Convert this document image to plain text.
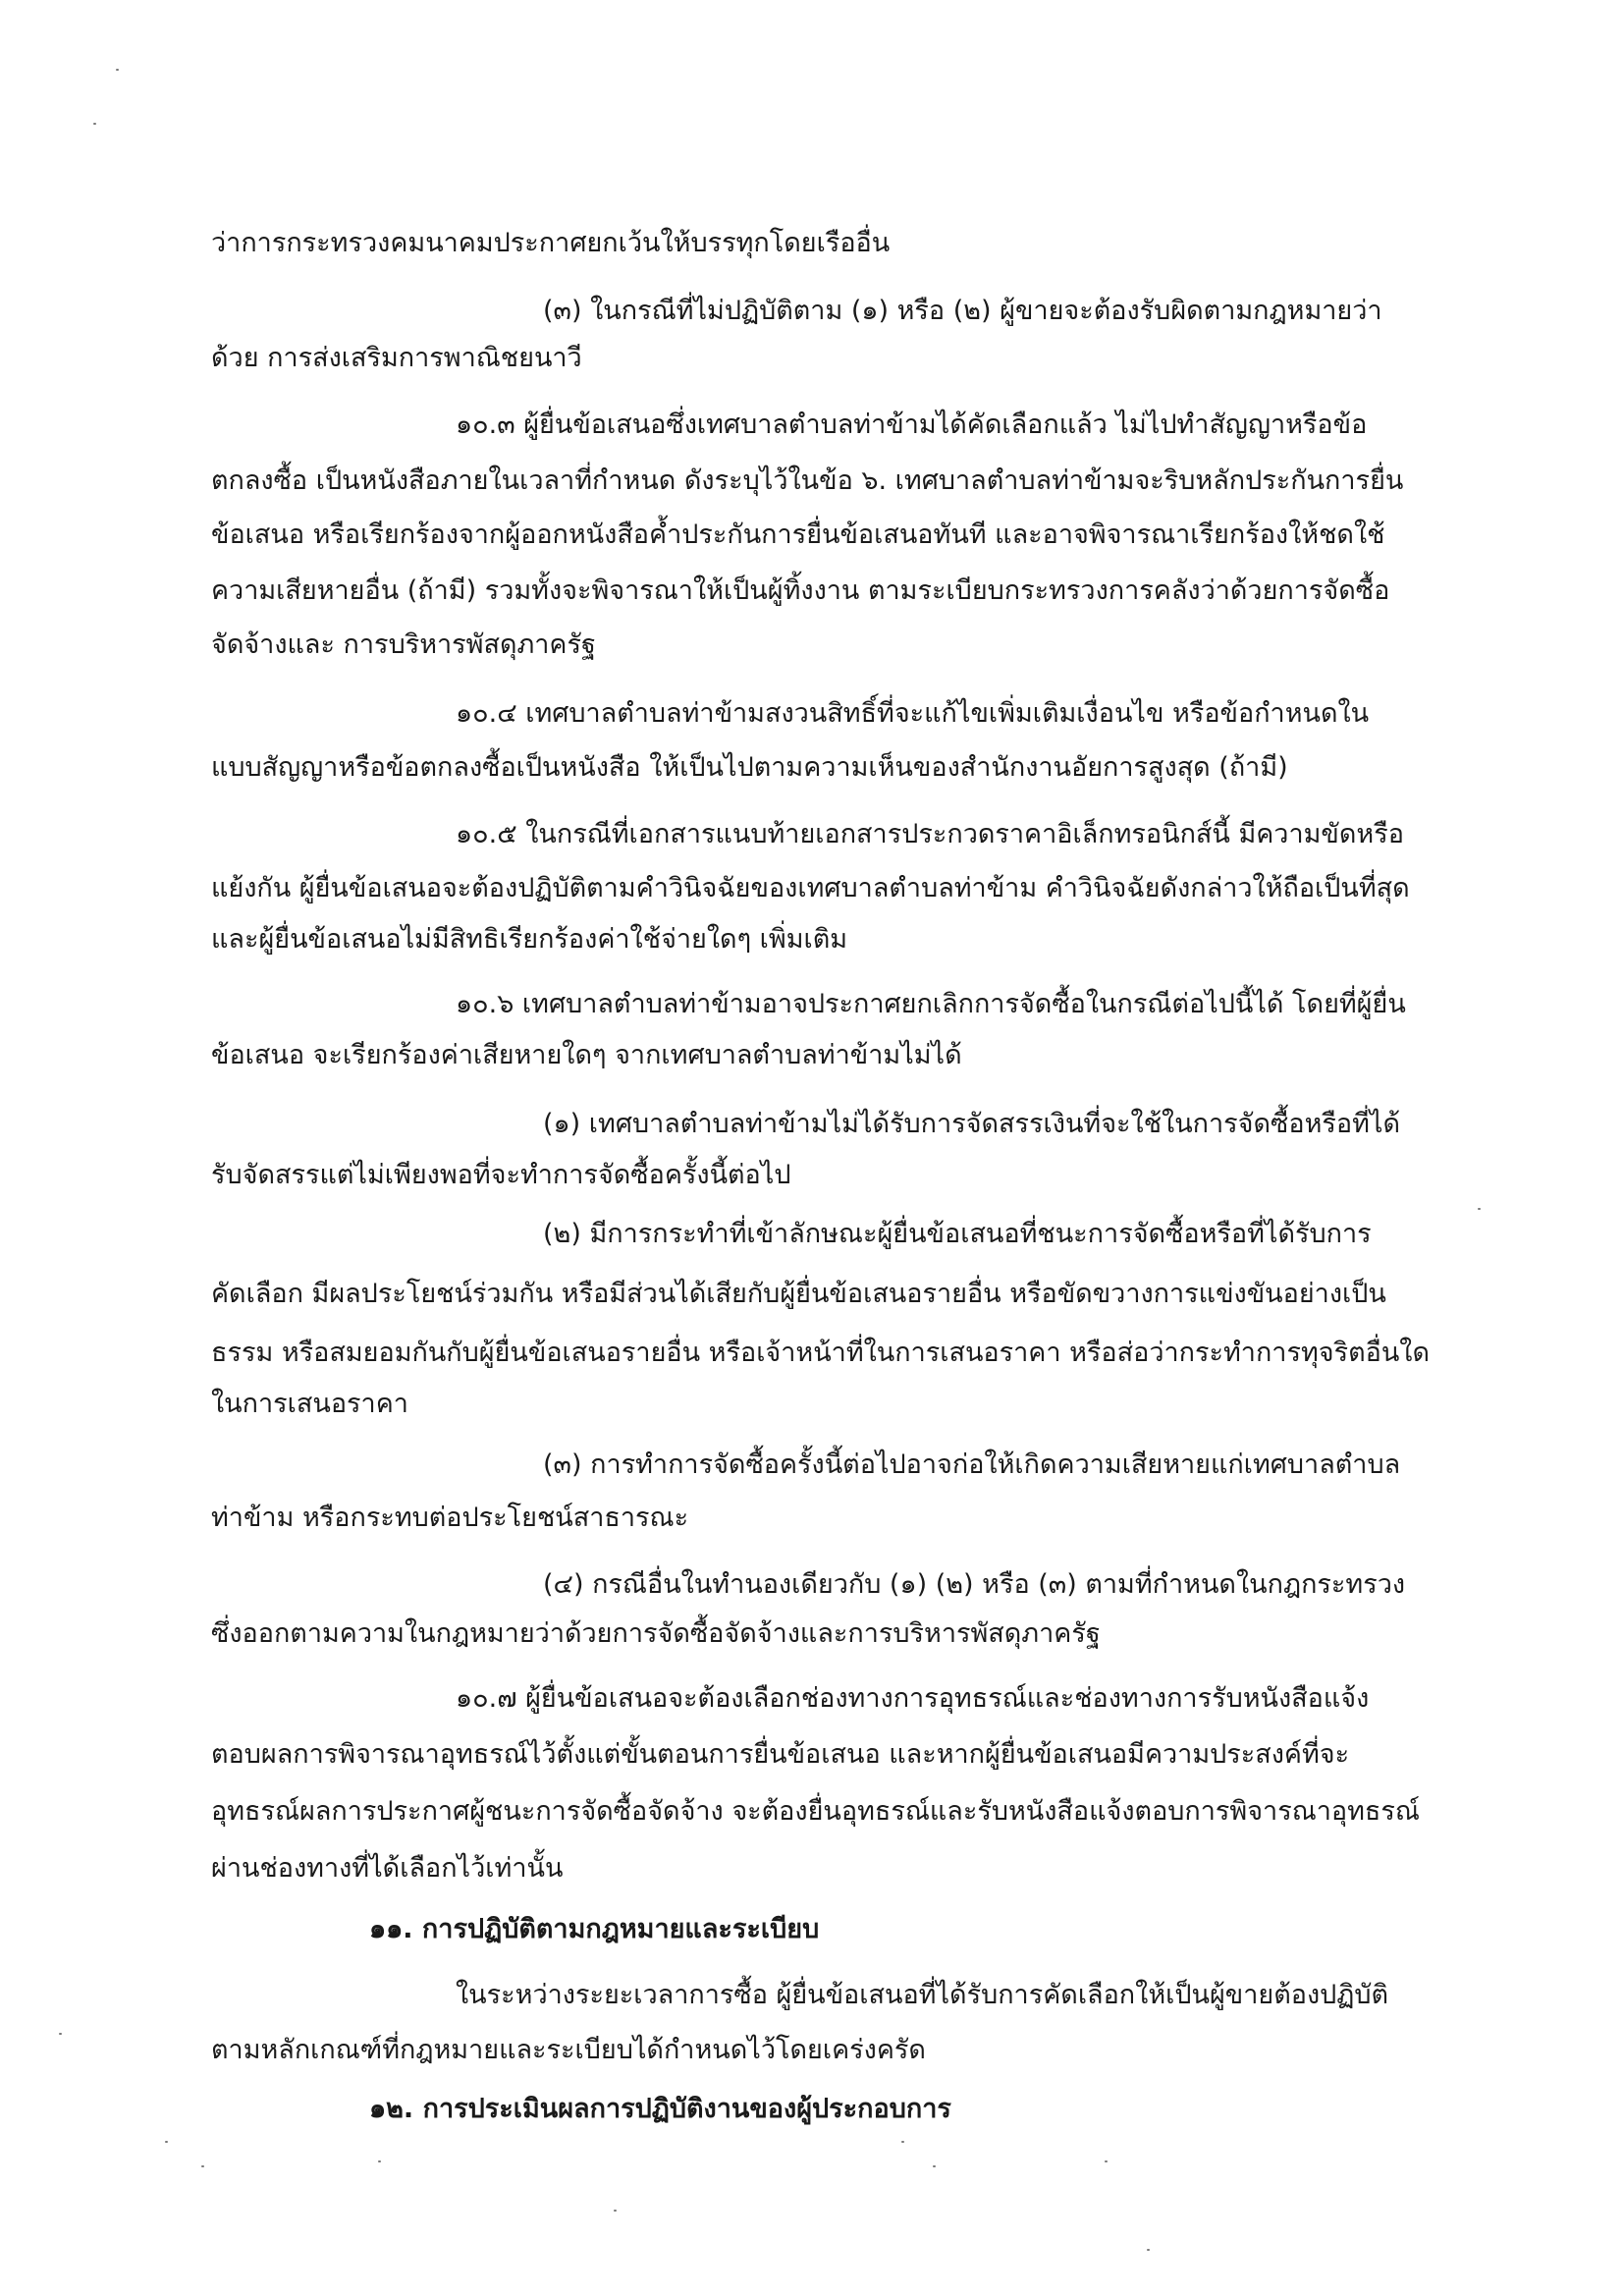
ว่าการกระทรวงคมนาคมประกาศยกเว้นให้บรรทุกโดยเรืออื่น
(๓) ในกรณีที่ไม่ปฏิบัติตาม (๑) หรือ (๒) ผู้ขายจะต้องรับผิดตามกฎหมายว่า
ด้วย การส่งเสริมการพาณิชยนาวี
๑๐.๓ ผู้ยื่นข้อเสนอซึ่งเทศบาลตำบลท่าข้ามได้คัดเลือกแล้ว ไม่ไปทำสัญญาหรือข้อ
ตกลงซื้อ เป็นหนังสือภายในเวลาที่กำหนด ดังระบุไว้ในข้อ ๖. เทศบาลตำบลท่าข้ามจะริบหลักประกันการยื่น
ข้อเสนอ หรือเรียกร้องจากผู้ออกหนังสือค้ำประกันการยื่นข้อเสนอทันที และอาจพิจารณาเรียกร้องให้ชดใช้
ความเสียหายอื่น (ถ้ามี) รวมทั้งจะพิจารณาให้เป็นผู้ทิ้งงาน ตามระเบียบกระทรวงการคลังว่าด้วยการจัดซื้อ
จัดจ้างและ การบริหารพัสดุภาครัฐ
๑๐.๔ เทศบาลตำบลท่าข้ามสงวนสิทธิ์ที่จะแก้ไขเพิ่มเติมเงื่อนไข หรือข้อกำหนดใน
แบบสัญญาหรือข้อตกลงซื้อเป็นหนังสือ ให้เป็นไปตามความเห็นของสำนักงานอัยการสูงสุด (ถ้ามี)
๑๐.๕ ในกรณีที่เอกสารแนบท้ายเอกสารประกวดราคาอิเล็กทรอนิกส์นี้ มีความขัดหรือ
แย้งกัน ผู้ยื่นข้อเสนอจะต้องปฏิบัติตามคำวินิจฉัยของเทศบาลตำบลท่าข้าม คำวินิจฉัยดังกล่าวให้ถือเป็นที่สุด
และผู้ยื่นข้อเสนอไม่มีสิทธิเรียกร้องค่าใช้จ่ายใดๆ เพิ่มเติม
๑๐.๖ เทศบาลตำบลท่าข้ามอาจประกาศยกเลิกการจัดซื้อในกรณีต่อไปนี้ได้ โดยที่ผู้ยื่น
ข้อเสนอ จะเรียกร้องค่าเสียหายใดๆ จากเทศบาลตำบลท่าข้ามไม่ได้
(๑) เทศบาลตำบลท่าข้ามไม่ได้รับการจัดสรรเงินที่จะใช้ในการจัดซื้อหรือที่ได้
รับจัดสรรแต่ไม่เพียงพอที่จะทำการจัดซื้อครั้งนี้ต่อไป
(๒) มีการกระทำที่เข้าลักษณะผู้ยื่นข้อเสนอที่ชนะการจัดซื้อหรือที่ได้รับการ
คัดเลือก มีผลประโยชน์ร่วมกัน หรือมีส่วนได้เสียกับผู้ยื่นข้อเสนอรายอื่น หรือขัดขวางการแข่งขันอย่างเป็น
ธรรม หรือสมยอมกันกับผู้ยื่นข้อเสนอรายอื่น หรือเจ้าหน้าที่ในการเสนอราคา หรือส่อว่ากระทำการทุจริตอื่นใด
ในการเสนอราคา
(๓) การทำการจัดซื้อครั้งนี้ต่อไปอาจก่อให้เกิดความเสียหายแก่เทศบาลตำบล
ท่าข้าม หรือกระทบต่อประโยชน์สาธารณะ
(๔) กรณีอื่นในทำนองเดียวกับ (๑) (๒) หรือ (๓) ตามที่กำหนดในกฎกระทรวง
ซึ่งออกตามความในกฎหมายว่าด้วยการจัดซื้อจัดจ้างและการบริหารพัสดุภาครัฐ
๑๐.๗ ผู้ยื่นข้อเสนอจะต้องเลือกช่องทางการอุทธรณ์และช่องทางการรับหนังสือแจ้ง
ตอบผลการพิจารณาอุทธรณ์ไว้ตั้งแต่ขั้นตอนการยื่นข้อเสนอ และหากผู้ยื่นข้อเสนอมีความประสงค์ที่จะ
อุทธรณ์ผลการประกาศผู้ชนะการจัดซื้อจัดจ้าง จะต้องยื่นอุทธรณ์และรับหนังสือแจ้งตอบการพิจารณาอุทธรณ์
ผ่านช่องทางที่ได้เลือกไว้เท่านั้น
๑๑. การปฏิบัติตามกฎหมายและระเบียบ
ในระหว่างระยะเวลาการซื้อ ผู้ยื่นข้อเสนอที่ได้รับการคัดเลือกให้เป็นผู้ขายต้องปฏิบัติ
ตามหลักเกณฑ์ที่กฎหมายและระเบียบได้กำหนดไว้โดยเคร่งครัด
๑๒. การประเมินผลการปฏิบัติงานของผู้ประกอบการ
